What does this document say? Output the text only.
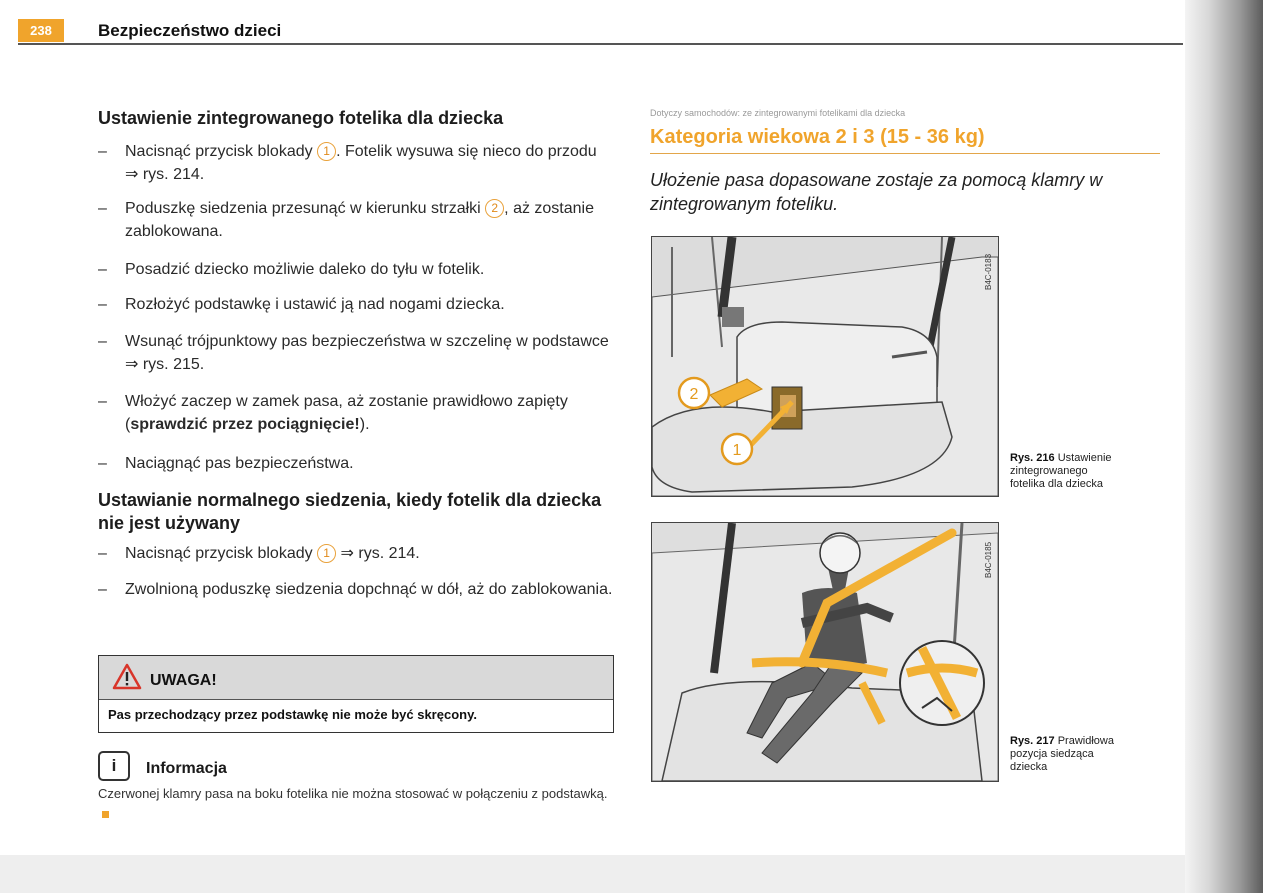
238	Bezpieczeństwo dzieci
Ustawienie zintegrowanego fotelika dla dziecka
– Nacisnąć przycisk blokady 1 . Fotelik wysuwa się nieco do przodu ⇒ rys. 214.
– Poduszkę siedzenia przesunąć w kierunku strzałki 2 , aż zostanie zablokowana.
– Posadzić dziecko możliwie daleko do tyłu w fotelik.
– Rozłożyć podstawkę i ustawić ją nad nogami dziecka.
– Wsunąć trójpunktowy pas bezpieczeństwa w szczelinę w podstawce ⇒ rys. 215.
– Włożyć zaczep w zamek pasa, aż zostanie prawidłowo zapięty (sprawdzić przez pociągnięcie!).
– Naciągnąć pas bezpieczeństwa.
Ustawianie normalnego siedzenia, kiedy fotelik dla dziecka nie jest używany
– Nacisnąć przycisk blokady 1 ⇒ rys. 214.
– Zwolnioną poduszkę siedzenia dopchnąć w dół, aż do zablokowania.
UWAGA!
Pas przechodzący przez podstawkę nie może być skręcony.
i	Informacja
Czerwonej klamry pasa na boku fotelika nie można stosować w połączeniu z podstawką.
Dotyczy samochodów: ze zintegrowanymi fotelikami dla dziecka
Kategoria wiekowa 2 i 3 (15 - 36 kg)
Ułożenie pasa dopasowane zostaje za pomocą klamry w zintegrowanym foteliku.
2
1
B4C-0183
Rys. 216 Ustawienie zintegrowanego fotelika dla dziecka
B4C-0185
Rys. 217 Prawidłowa pozycja siedząca dziecka
